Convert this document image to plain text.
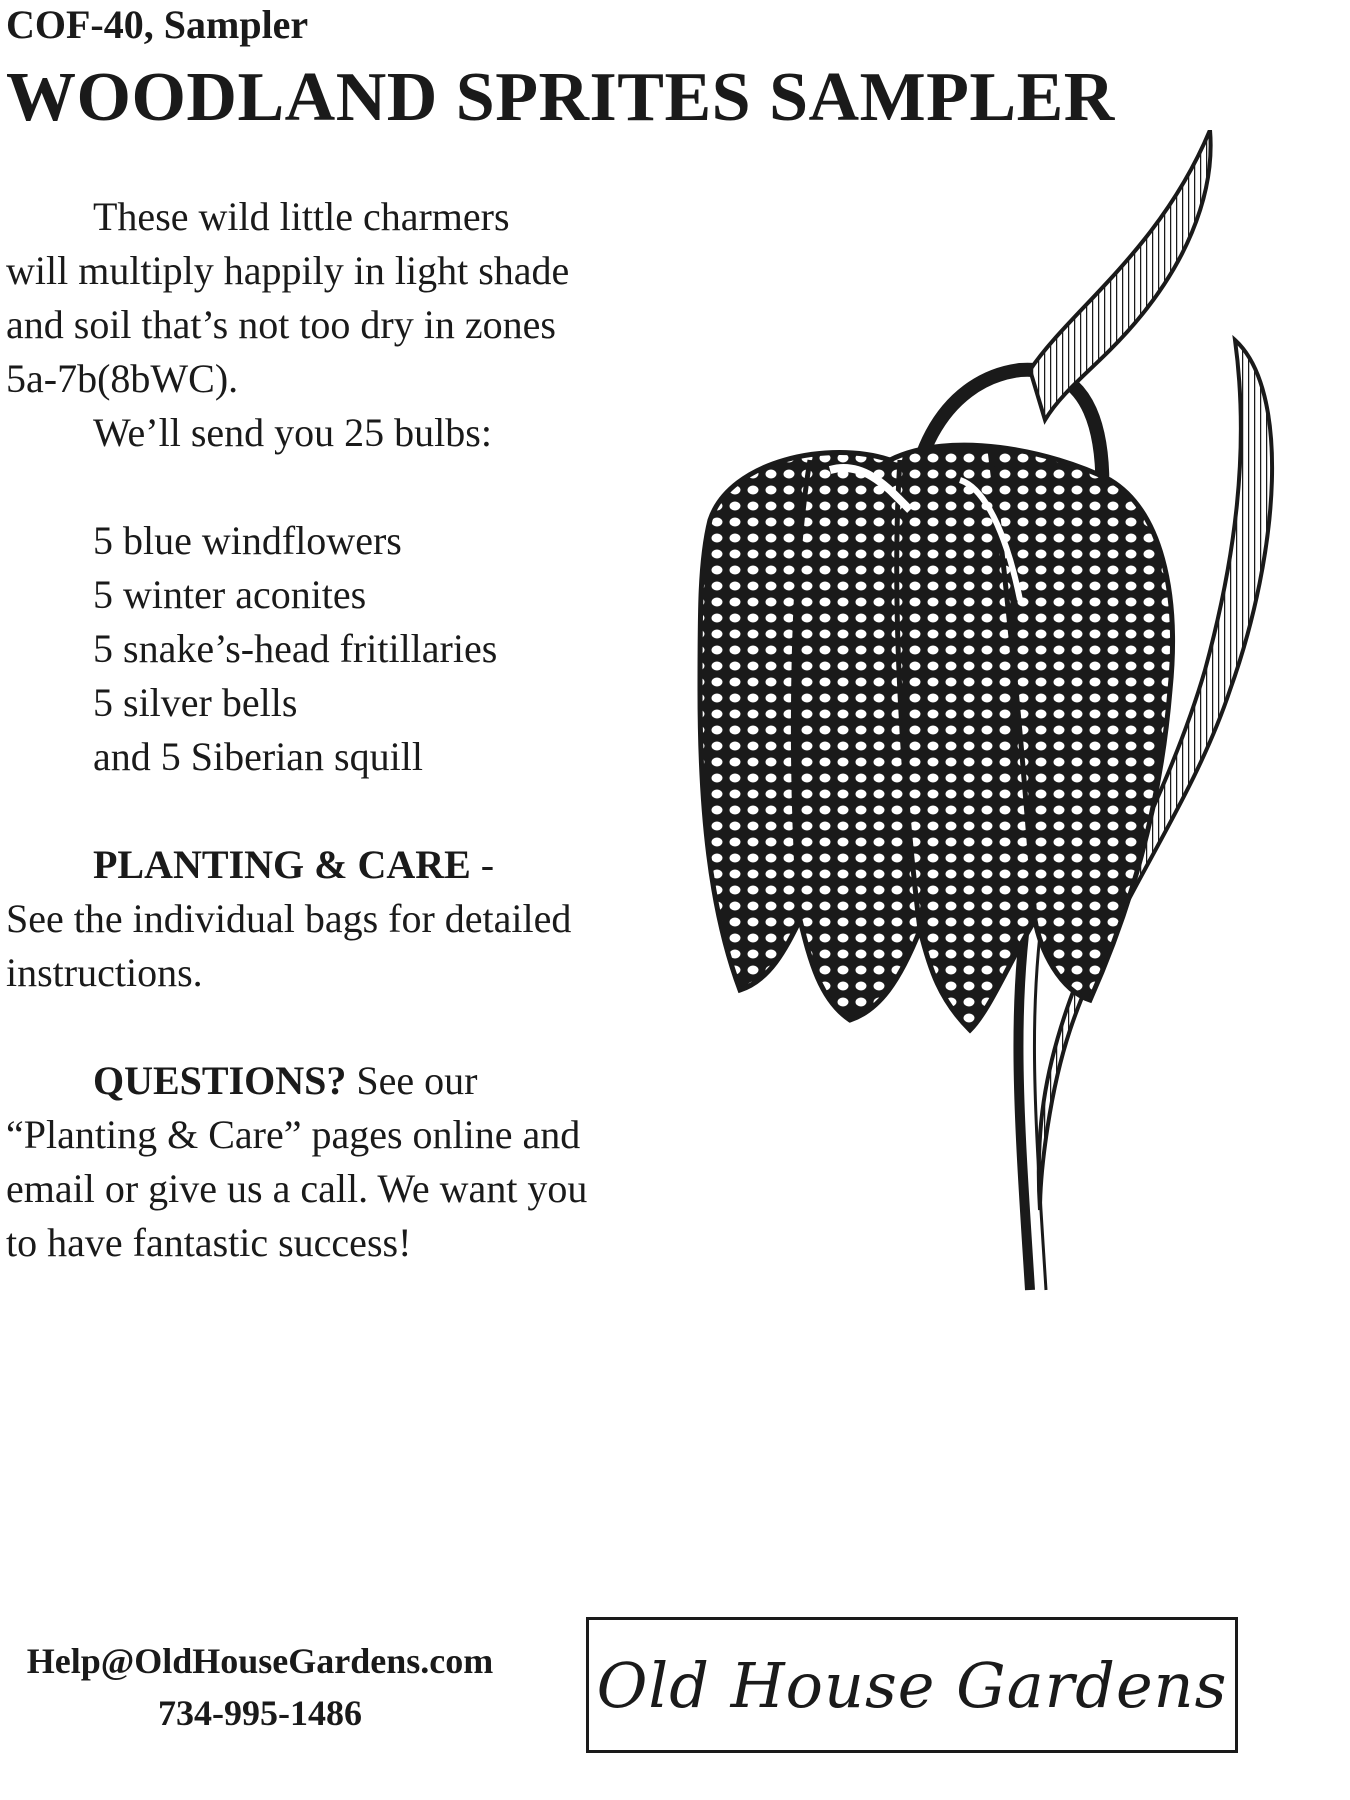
COF-40, Sampler
WOODLAND SPRITES SAMPLER

These wild little charmers

will multiply happily in light shade

and soil that’s not too dry in zones

5a-7b(8bWC).

We’ll send you 25 bulbs:

5 blue windflowers
5 winter aconites
5 snake’s-head fritillaries
5 silver bells
and 5 Siberian squill

PLANTING & CARE -

See the individual bags for detailed

instructions.

QUESTIONS? See our

“Planting & Care” pages online and

email or give us a call. We want you

to have fantastic success!

Help@OldHouseGardens.com
734-995-1486	Old House Gardens
